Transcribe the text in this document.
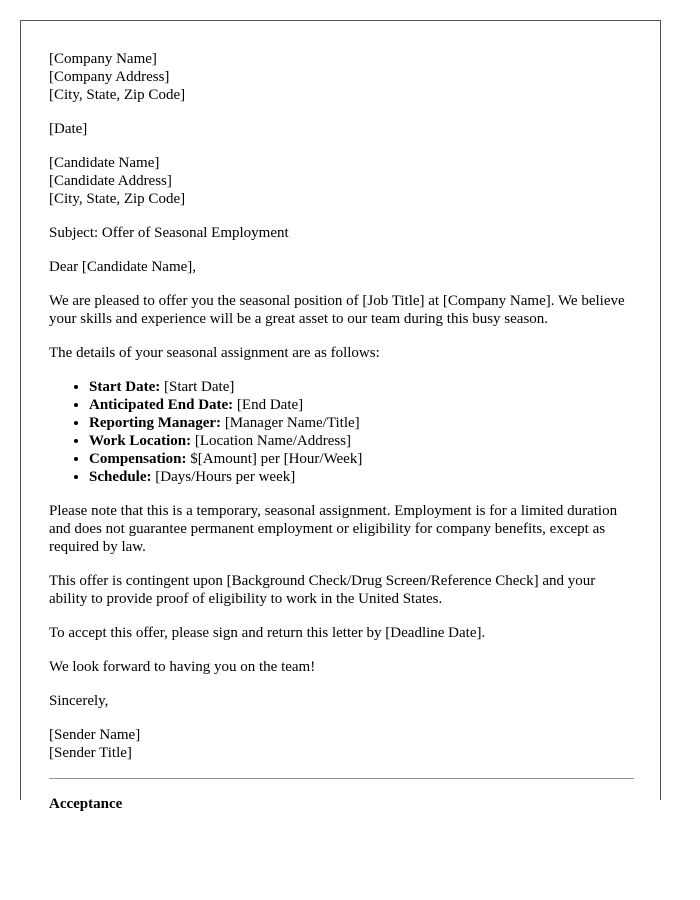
[Company Name]
[Company Address]
[City, State, Zip Code]

[Date]

[Candidate Name]
[Candidate Address]
[City, State, Zip Code]

Subject: Offer of Seasonal Employment

Dear [Candidate Name],

We are pleased to offer you the seasonal position of [Job Title] at [Company Name]. We believe your skills and experience will be a great asset to our team during this busy season.

The details of your seasonal assignment are as follows:

• Start Date: [Start Date]
• Anticipated End Date: [End Date]
• Reporting Manager: [Manager Name/Title]
• Work Location: [Location Name/Address]
• Compensation: $[Amount] per [Hour/Week]
• Schedule: [Days/Hours per week]

Please note that this is a temporary, seasonal assignment. Employment is for a limited duration and does not guarantee permanent employment or eligibility for company benefits, except as required by law.

This offer is contingent upon [Background Check/Drug Screen/Reference Check] and your ability to provide proof of eligibility to work in the United States.

To accept this offer, please sign and return this letter by [Deadline Date].

We look forward to having you on the team!

Sincerely,

[Sender Name]
[Sender Title]
Acceptance
